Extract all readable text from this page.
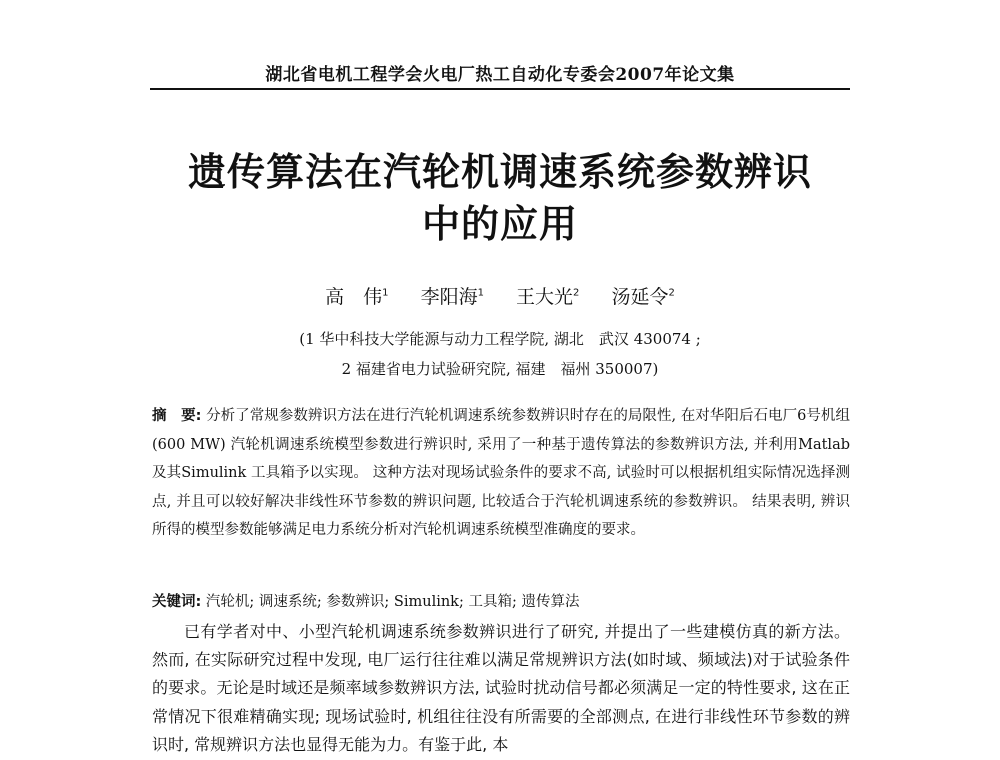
湖北省电机工程学会火电厂热工自动化专委会2007年论文集
遗传算法在汽轮机调速系统参数辨识
中的应用
高　伟$^1$ 李阳海$^1$ 王大光$^2$ 汤延令$^2$
(1 华中科技大学能源与动力工程学院, 湖北　武汉 430074 ;
2 福建省电力试验研究院, 福建　福州 350007)
摘　要: 分析了常规参数辨识方法在进行汽轮机调速系统参数辨识时存在的局限性, 在对华阳后石电厂6号机组(600 MW) 汽轮机调速系统模型参数进行辨识时, 采用了一种基于遗传算法的参数辨识方法, 并利用Matlab 及其Simulink 工具箱予以实现。 这种方法对现场试验条件的要求不高, 试验时可以根据机组实际情况选择测点, 并且可以较好解决非线性环节参数的辨识问题, 比较适合于汽轮机调速系统的参数辨识。 结果表明, 辨识所得的模型参数能够满足电力系统分析对汽轮机调速系统模型准确度的要求。
关键词: 汽轮机; 调速系统; 参数辨识; Simulink; 工具箱; 遗传算法
已有学者对中、小型汽轮机调速系统参数辨识进行了研究, 并提出了一些建模仿真的新方法。 然而, 在实际研究过程中发现, 电厂运行往往难以满足常规辨识方法(如时域、频域法)对于试验条件的要求。无论是时域还是频率域参数辨识方法, 试验时扰动信号都必须满足一定的特性要求, 这在正常情况下很难精确实现; 现场试验时, 机组往往没有所需要的全部测点, 在进行非线性环节参数的辨识时, 常规辨识方法也显得无能为力。有鉴于此, 本
